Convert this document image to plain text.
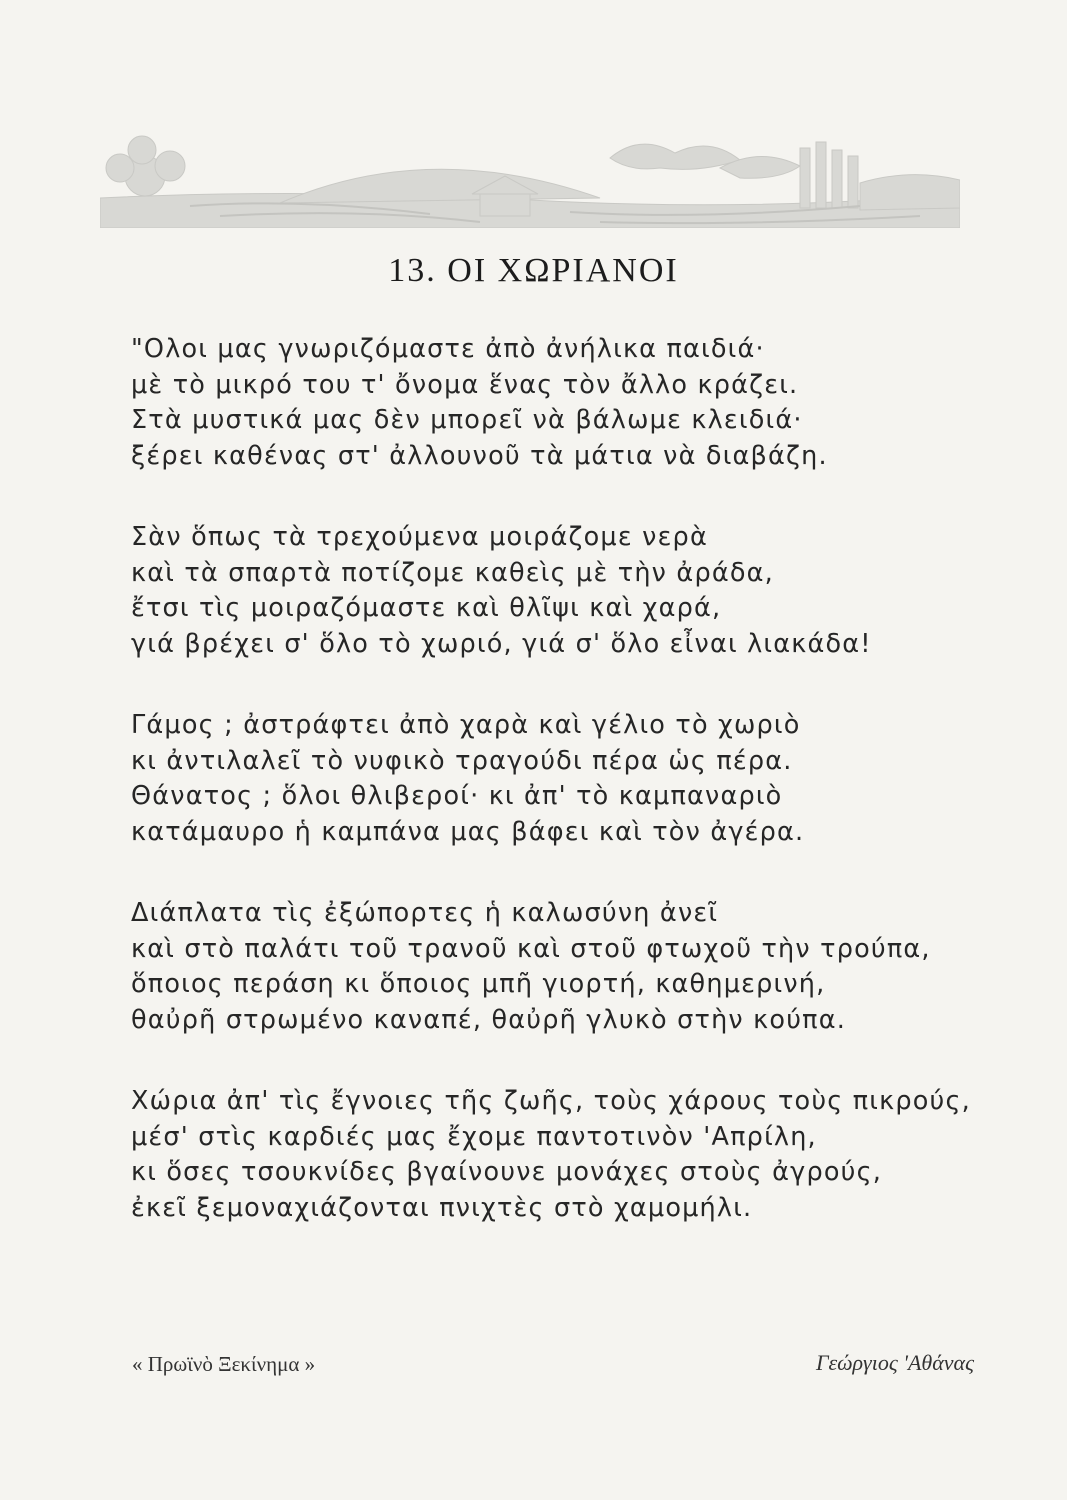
13. ΟΙ ΧΩΡΙΑΝΟΙ
"Ολοι μας γνωριζόμαστε ἀπὸ ἀνήλικα παιδιά·
μὲ τὸ μικρό του τ' ὄνομα ἕνας τὸν ἄλλο κράζει.
Στὰ μυστικά μας δὲν μπορεῖ νὰ βάλωμε κλειδιά·
ξέρει καθένας στ' ἀλλουνοῦ τὰ μάτια νὰ διαβάζη.
Σὰν ὅπως τὰ τρεχούμενα μοιράζομε νερὰ
καὶ τὰ σπαρτὰ ποτίζομε καθεὶς μὲ τὴν ἀράδα,
ἔτσι τὶς μοιραζόμαστε καὶ θλῖψι καὶ χαρά,
γιά βρέχει σ' ὅλο τὸ χωριό, γιά σ' ὅλο εἶναι λιακάδα!
Γάμος ; ἀστράφτει ἀπὸ χαρὰ καὶ γέλιο τὸ χωριὸ
κι ἀντιλαλεῖ τὸ νυφικὸ τραγούδι πέρα ὡς πέρα.
Θάνατος ; ὅλοι θλιβεροί· κι ἀπ' τὸ καμπαναριὸ
κατάμαυρο ἡ καμπάνα μας βάφει καὶ τὸν ἀγέρα.
Διάπλατα τὶς ἐξώπορτες ἡ καλωσύνη ἀνεῖ
καὶ στὸ παλάτι τοῦ τρανοῦ καὶ στοῦ φτωχοῦ τὴν τρούπα,
ὅποιος περάση κι ὅποιος μπῆ γιορτή, καθημερινή,
θαὐρῆ στρωμένο καναπέ, θαὐρῆ γλυκὸ στὴν κούπα.
Χώρια ἀπ' τὶς ἔγνοιες τῆς ζωῆς, τοὺς χάρους τοὺς πικρούς,
μέσ' στὶς καρδιές μας ἔχομε παντοτινὸν 'Απρίλη,
κι ὅσες τσουκνίδες βγαίνουνε μονάχες στοὺς ἀγρούς,
ἐκεῖ ξεμοναχιάζονται πνιχτὲς στὸ χαμομήλι.
« Πρωϊνὸ Ξεκίνημα »	Γεώργιος 'Αθάνας
